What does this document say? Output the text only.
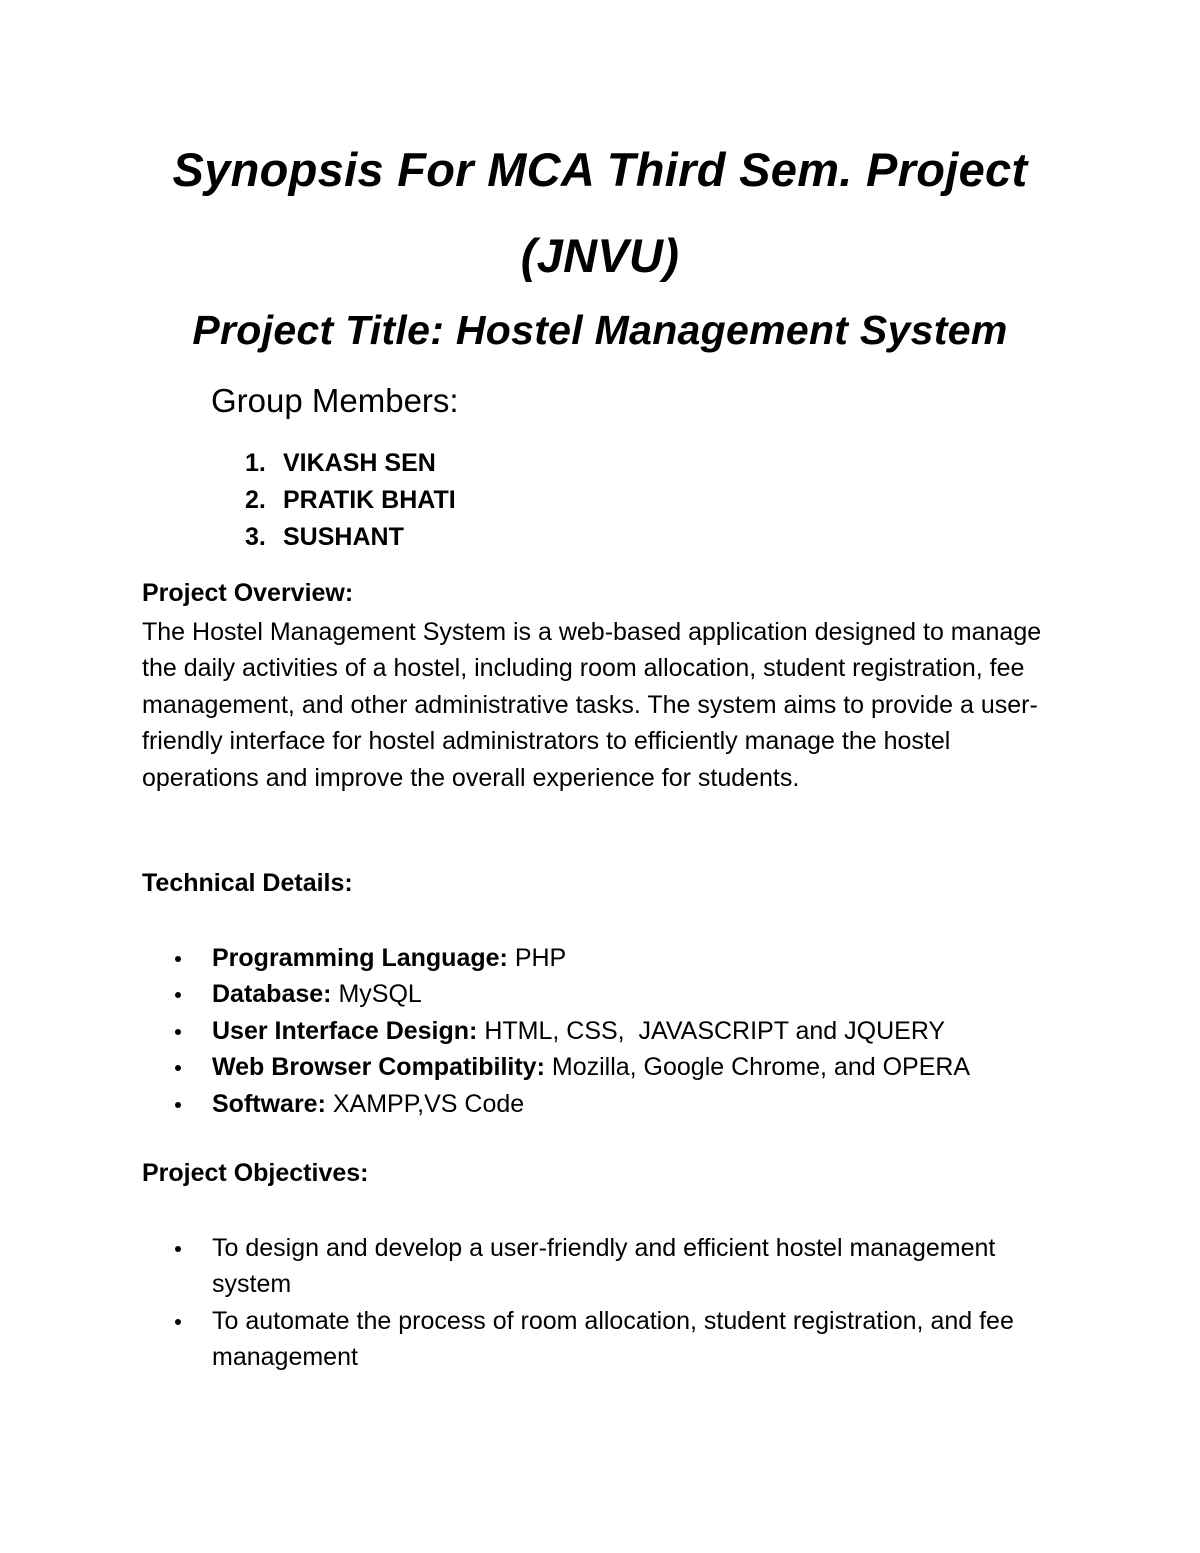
Synopsis For MCA Third Sem. Project
(JNVU)
Project Title: Hostel Management System
Group Members:
1. VIKASH SEN
2. PRATIK BHATI
3. SUSHANT
Project Overview:
The Hostel Management System is a web-based application designed to manage the daily activities of a hostel, including room allocation, student registration, fee management, and other administrative tasks. The system aims to provide a user-friendly interface for hostel administrators to efficiently manage the hostel operations and improve the overall experience for students.
Technical Details:
Programming Language: PHP
Database: MySQL
User Interface Design: HTML, CSS,  JAVASCRIPT and JQUERY
Web Browser Compatibility: Mozilla, Google Chrome, and OPERA
Software: XAMPP,VS Code
Project Objectives:
To design and develop a user-friendly and efficient hostel management system
To automate the process of room allocation, student registration, and fee management
